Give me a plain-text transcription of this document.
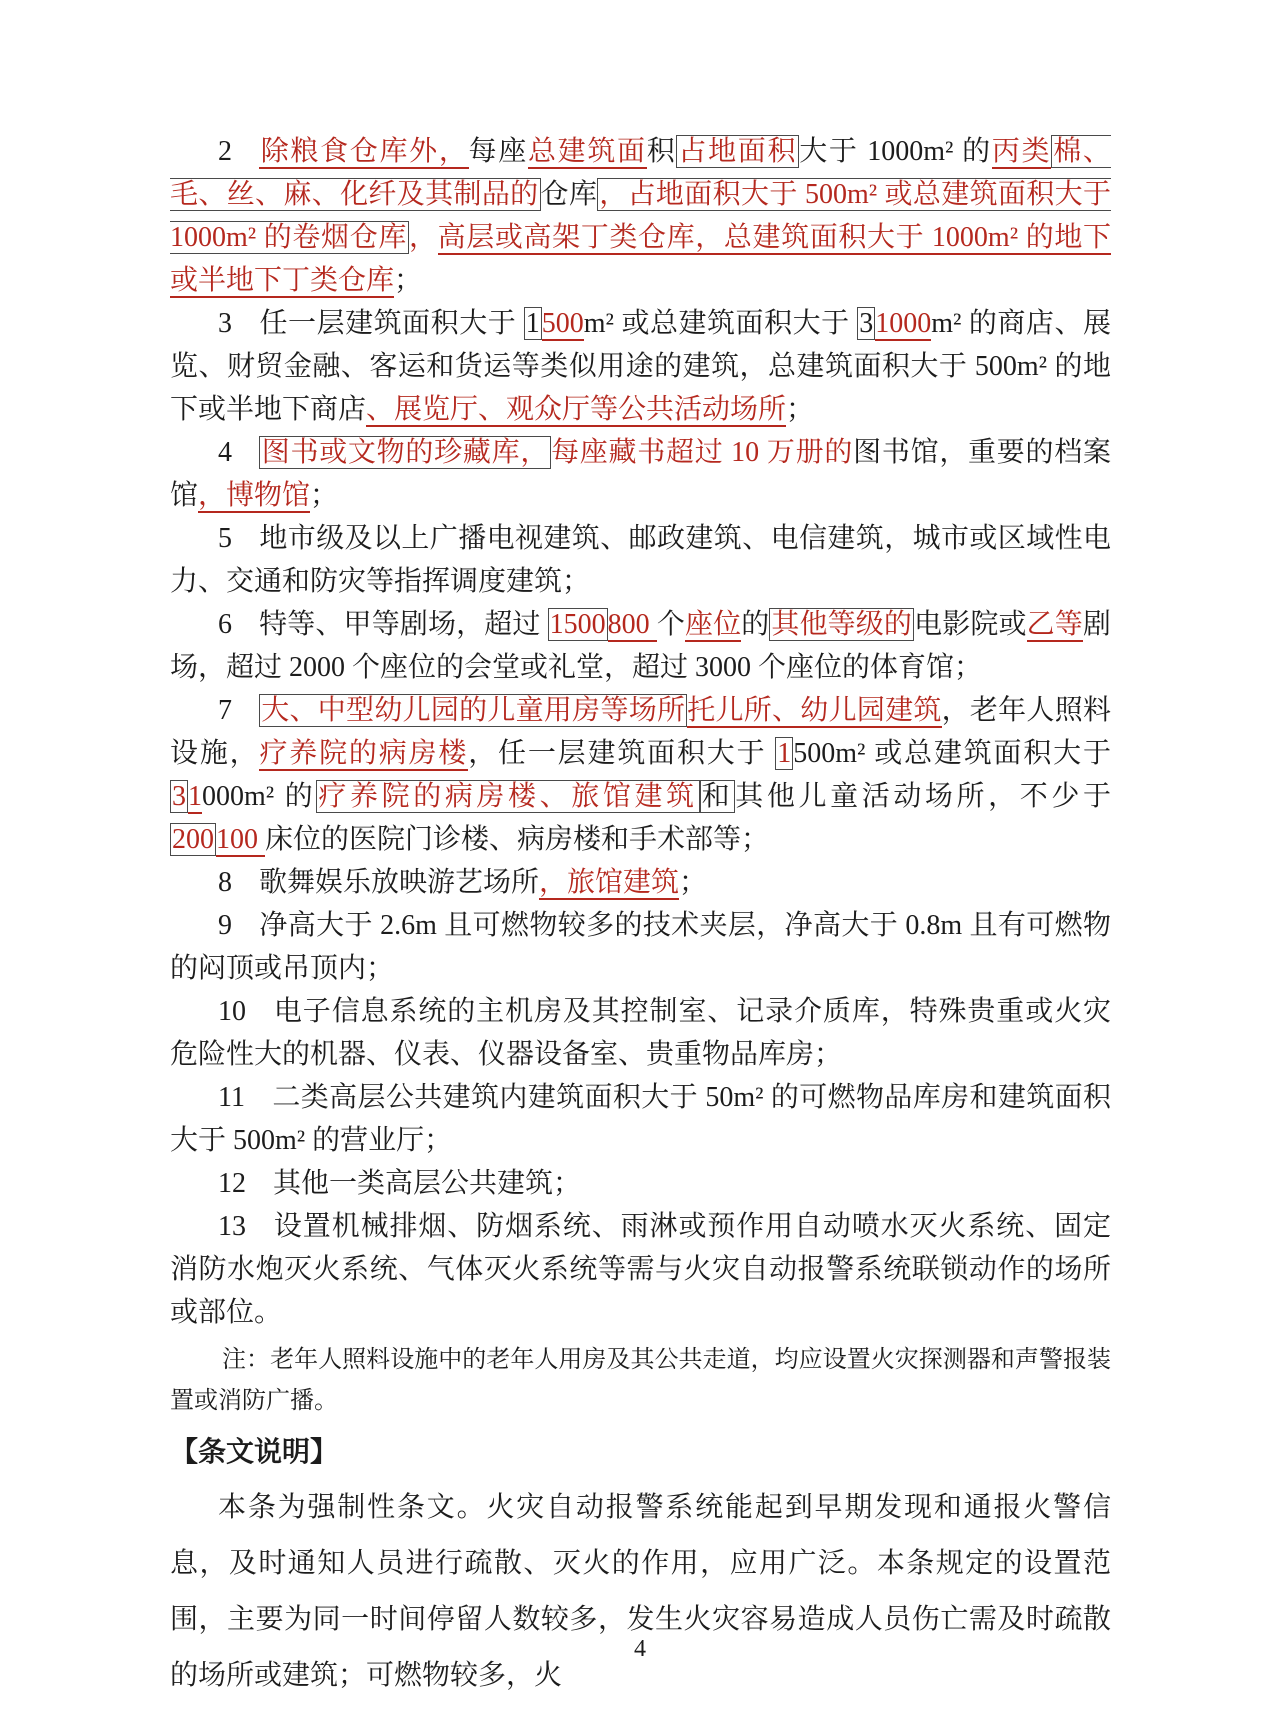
2 除粮食仓库外，每座总建筑面积占地面积大于 1000m² 的丙类棉、毛、丝、麻、化纤及其制品的仓库，占地面积大于 500m² 或总建筑面积大于 1000m² 的卷烟仓库，高层或高架丁类仓库，总建筑面积大于 1000m² 的地下或半地下丁类仓库；

3 任一层建筑面积大于 1500m² 或总建筑面积大于 31000m² 的商店、展览、财贸金融、客运和货运等类似用途的建筑，总建筑面积大于 500m² 的地下或半地下商店、展览厅、观众厅等公共活动场所；

4 图书或文物的珍藏库，每座藏书超过 10 万册的图书馆，重要的档案馆，博物馆；

5 地市级及以上广播电视建筑、邮政建筑、电信建筑，城市或区域性电力、交通和防灾等指挥调度建筑；

6 特等、甲等剧场，超过 1500800 个座位的其他等级的电影院或乙等剧场，超过 2000 个座位的会堂或礼堂，超过 3000 个座位的体育馆；

7 大、中型幼儿园的儿童用房等场所托儿所、幼儿园建筑，老年人照料设施，疗养院的病房楼，任一层建筑面积大于 1500m² 或总建筑面积大于 31000m² 的疗养院的病房楼、旅馆建筑 和其他儿童活动场所，不少于 200100 床位的医院门诊楼、病房楼和手术部等；

8 歌舞娱乐放映游艺场所，旅馆建筑；

9 净高大于 2.6m 且可燃物较多的技术夹层，净高大于 0.8m 且有可燃物的闷顶或吊顶内；

10 电子信息系统的主机房及其控制室、记录介质库，特殊贵重或火灾危险性大的机器、仪表、仪器设备室、贵重物品库房；

11 二类高层公共建筑内建筑面积大于 50m² 的可燃物品库房和建筑面积大于 500m² 的营业厅；

12 其他一类高层公共建筑；

13 设置机械排烟、防烟系统、雨淋或预作用自动喷水灭火系统、固定消防水炮灭火系统、气体灭火系统等需与火灾自动报警系统联锁动作的场所或部位。

注：老年人照料设施中的老年人用房及其公共走道，均应设置火灾探测器和声警报装置或消防广播。

【条文说明】

本条为强制性条文。火灾自动报警系统能起到早期发现和通报火警信息，及时通知人员进行疏散、灭火的作用，应用广泛。本条规定的设置范围，主要为同一时间停留人数较多，发生火灾容易造成人员伤亡需及时疏散的场所或建筑；可燃物较多，火

4
